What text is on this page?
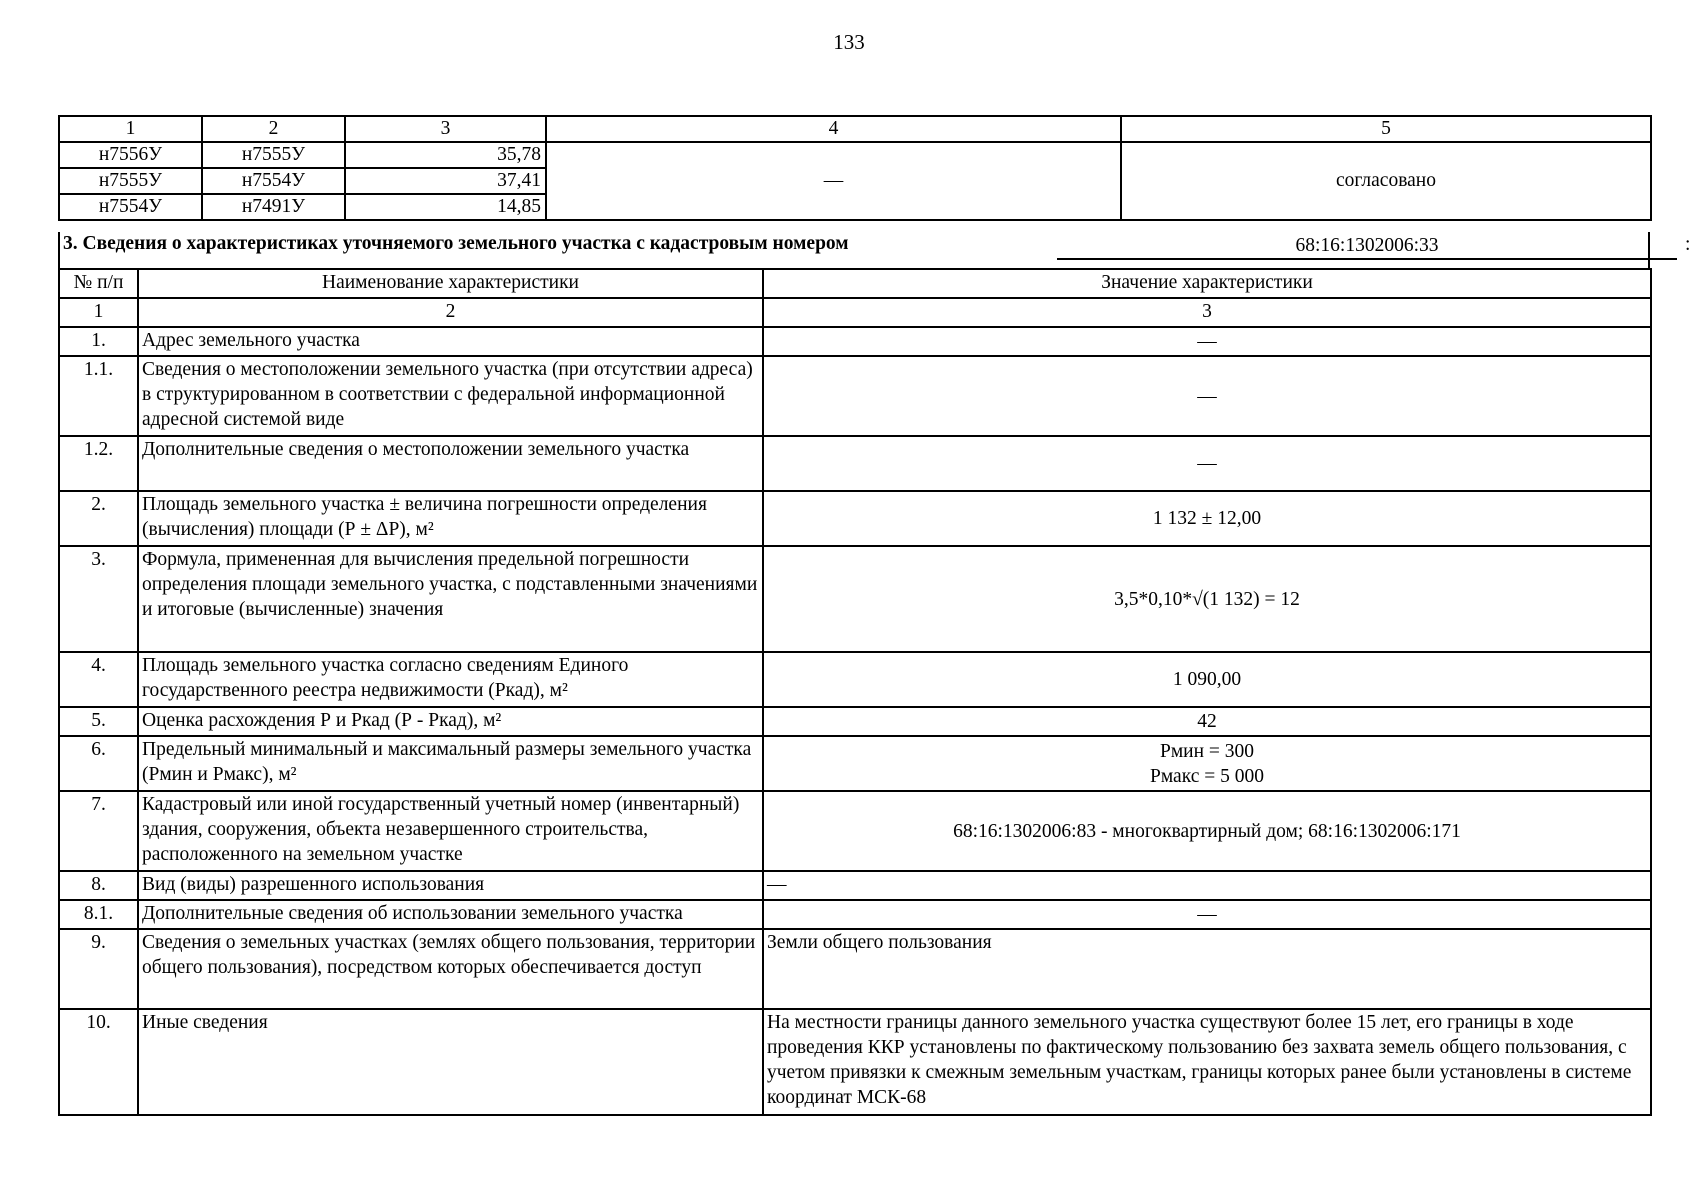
133
1	2	3	4	5
н7556У	н7555У	35,78	—	согласовано
н7555У	н7554У	37,41		
н7554У	н7491У	14,85		
3. Сведения о характеристиках уточняемого земельного участка с кадастровым номером	68:16:1302006:33	:
№ п/п	Наименование характеристики	Значение характеристики
1	2	3
1.	Адрес земельного участка	—
1.1.	Сведения о местоположении земельного участка (при отсутствии адреса) в структурированном в соответствии с федеральной информационной адресной системой виде	—
1.2.	Дополнительные сведения о местоположении земельного участка	—
2.	Площадь земельного участка ± величина погрешности определения (вычисления) площади (Р ± ΔР), м²	1 132 ± 12,00
3.	Формула, примененная для вычисления предельной погрешности определения площади земельного участка, с подставленными значениями и итоговые (вычисленные) значения	3,5*0,10*√(1 132) = 12
4.	Площадь земельного участка согласно сведениям Единого государственного реестра недвижимости (Ркад), м²	1 090,00
5.	Оценка расхождения Р и Ркад (Р - Ркад), м²	42
6.	Предельный минимальный и максимальный размеры земельного участка (Рмин и Рмакс), м²	Рмин = 300
Рмакс = 5 000

7.	Кадастровый или иной государственный учетный номер (инвентарный) здания, сооружения, объекта незавершенного строительства, расположенного на земельном участке	68:16:1302006:83 - многоквартирный дом; 68:16:1302006:171
8.	Вид (виды) разрешенного использования	—
8.1.	Дополнительные сведения об использовании земельного участка	—
9.	Сведения о земельных участках (землях общего пользования, территории общего пользования), посредством которых обеспечивается доступ	Земли общего пользования
10.	Иные сведения	На местности границы данного земельного участка существуют более 15 лет, его границы в ходе проведения ККР установлены по фактическому пользованию без захвата земель общего пользования, с учетом привязки к смежным земельным участкам, границы которых ранее были установлены в системе координат МСК-68
